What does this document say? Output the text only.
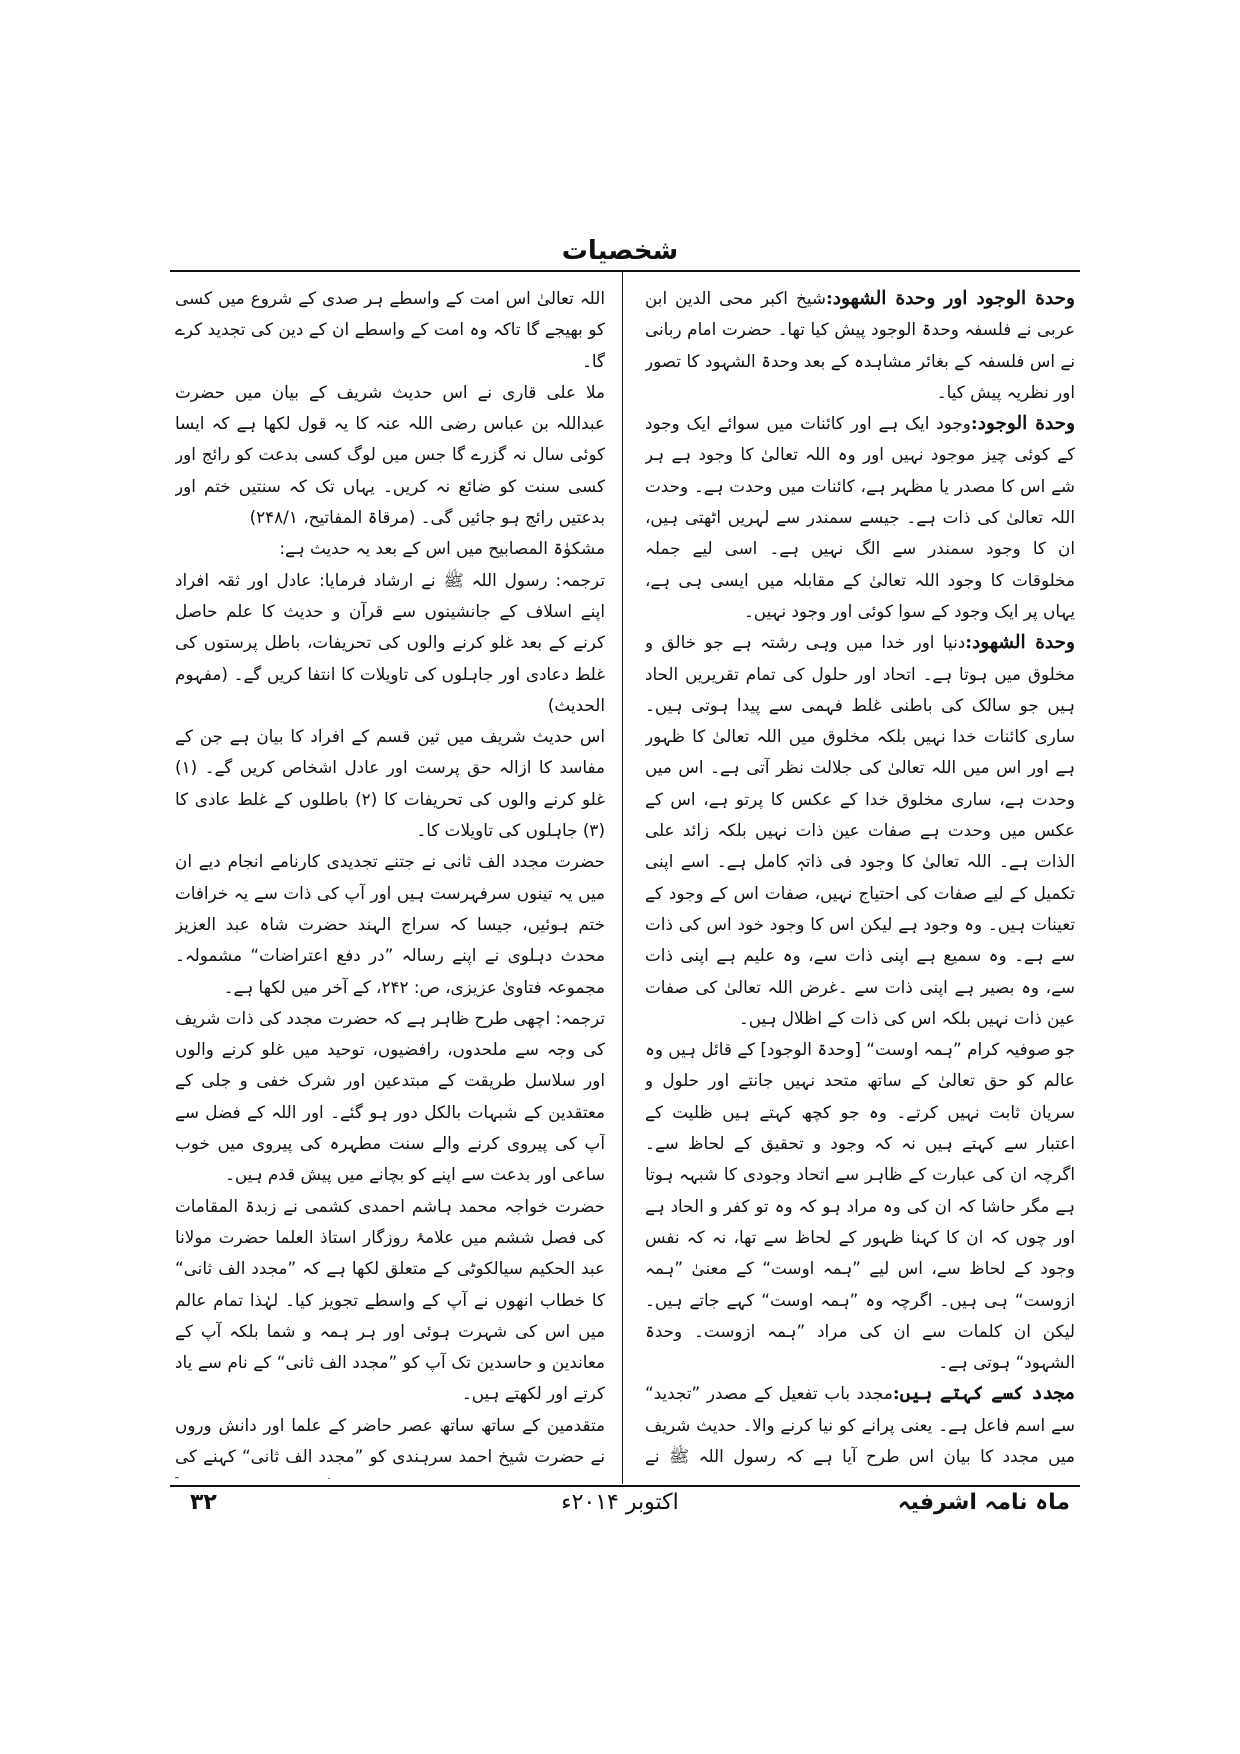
شخصیات

وحدة الوجود اور وحدة الشهود:شیخ اکبر محی الدین ابن عربی نے فلسفہ وحدۃ الوجود پیش کیا تھا۔ حضرت امام ربانی نے اس فلسفہ کے بغائر مشاہدہ کے بعد وحدۃ الشہود کا تصور اور نظریہ پیش کیا۔

وحدة الوجود:وجود ایک ہے اور کائنات میں سوائے ایک وجود کے کوئی چیز موجود نہیں اور وہ اللہ تعالیٰ کا وجود ہے ہر شے اس کا مصدر یا مظہر ہے، کائنات میں وحدت ہے۔ وحدت اللہ تعالیٰ کی ذات ہے۔ جیسے سمندر سے لہریں اٹھتی ہیں، ان کا وجود سمندر سے الگ نہیں ہے۔ اسی لیے جملہ مخلوقات کا وجود اللہ تعالیٰ کے مقابلہ میں ایسی ہی ہے، یہاں پر ایک وجود کے سوا کوئی اور وجود نہیں۔

وحدة الشهود:دنیا اور خدا میں وہی رشتہ ہے جو خالق و مخلوق میں ہوتا ہے۔ اتحاد اور حلول کی تمام تقریریں الحاد ہیں جو سالک کی باطنی غلط فہمی سے پیدا ہوتی ہیں۔ ساری کائنات خدا نہیں بلکہ مخلوق میں اللہ تعالیٰ کا ظہور ہے اور اس میں اللہ تعالیٰ کی جلالت نظر آتی ہے۔ اس میں وحدت ہے، ساری مخلوق خدا کے عکس کا پرتو ہے، اس کے عکس میں وحدت ہے صفات عین ذات نہیں بلکہ زائد علی الذات ہے۔ اللہ تعالیٰ کا وجود فی ذاتہٖ کامل ہے۔ اسے اپنی تکمیل کے لیے صفات کی احتیاج نہیں، صفات اس کے وجود کے تعینات ہیں۔ وہ وجود ہے لیکن اس کا وجود خود اس کی ذات سے ہے۔ وہ سمیع ہے اپنی ذات سے، وہ علیم ہے اپنی ذات سے، وہ بصیر ہے اپنی ذات سے ۔غرض اللہ تعالیٰ کی صفات عین ذات نہیں بلکہ اس کی ذات کے اظلال ہیں۔

جو صوفیہ کرام ”ہمہ اوست“ [وحدۃ الوجود] کے قائل ہیں وہ عالم کو حق تعالیٰ کے ساتھ متحد نہیں جانتے اور حلول و سریان ثابت نہیں کرتے۔ وہ جو کچھ کہتے ہیں ظلیت کے اعتبار سے کہتے ہیں نہ کہ وجود و تحقیق کے لحاظ سے۔ اگرچہ ان کی عبارت کے ظاہر سے اتحاد وجودی کا شبہہ ہوتا ہے مگر حاشا کہ ان کی وہ مراد ہو کہ وہ تو کفر و الحاد ہے اور چوں کہ ان کا کہنا ظہور کے لحاظ سے تھا، نہ کہ نفس وجود کے لحاظ سے، اس لیے ”ہمہ اوست“ کے معنیٰ ”ہمہ ازوست“ ہی ہیں۔ اگرچہ وہ ”ہمہ اوست“ کہے جاتے ہیں۔ لیکن ان کلمات سے ان کی مراد ”ہمہ ازوست۔ وحدۃ الشہود“ ہوتی ہے۔

مجدد کسے کہتے ہیں:مجدد باب تفعیل کے مصدر ”تجدید“ سے اسم فاعل ہے۔ یعنی پرانے کو نیا کرنے والا۔ حدیث شریف میں مجدد کا بیان اس طرح آیا ہے کہ رسول اللہ ﷺ نے

اللہ تعالیٰ اس امت کے واسطے ہر صدی کے شروع میں کسی کو بھیجے گا تاکہ وہ امت کے واسطے ان کے دین کی تجدید کرے گا۔

ملا علی قاری نے اس حدیث شریف کے بیان میں حضرت عبداللہ بن عباس رضی اللہ عنہ کا یہ قول لکھا ہے کہ ایسا کوئی سال نہ گزرے گا جس میں لوگ کسی بدعت کو رائج اور کسی سنت کو ضائع نہ کریں۔ یہاں تک کہ سنتیں ختم اور بدعتیں رائج ہو جائیں گی۔ (مرقاۃ المفاتیح، ۲۴۸/۱)

مشکوٰۃ المصابیح میں اس کے بعد یہ حدیث ہے:

ترجمہ: رسول اللہ ﷺ نے ارشاد فرمایا: عادل اور ثقہ افراد اپنے اسلاف کے جانشینوں سے قرآن و حدیث کا علم حاصل کرنے کے بعد غلو کرنے والوں کی تحریفات، باطل پرستوں کی غلط دعادی اور جاہلوں کی تاویلات کا انتفا کریں گے۔ (مفہوم الحدیث)

اس حدیث شریف میں تین قسم کے افراد کا بیان ہے جن کے مفاسد کا ازالہ حق پرست اور عادل اشخاص کریں گے۔ (۱) غلو کرنے والوں کی تحریفات کا (۲) باطلوں کے غلط عادی کا (۳) جاہلوں کی تاویلات کا۔

حضرت مجدد الف ثانی نے جتنے تجدیدی کارنامے انجام دیے ان میں یہ تینوں سرفہرست ہیں اور آپ کی ذات سے یہ خرافات ختم ہوئیں، جیسا کہ سراج الہند حضرت شاہ عبد العزیز محدث دہلوی نے اپنے رسالہ ”در دفع اعتراضات“ مشمولہ۔ مجموعہ فتاویٰ عزیزی، ص: ۲۴۲، کے آخر میں لکھا ہے۔

ترجمہ: اچھی طرح ظاہر ہے کہ حضرت مجدد کی ذات شریف کی وجہ سے ملحدوں، رافضیوں، توحید میں غلو کرنے والوں اور سلاسل طریقت کے مبتدعین اور شرک خفی و جلی کے معتقدین کے شبہات بالکل دور ہو گئے۔ اور اللہ کے فضل سے آپ کی پیروی کرنے والے سنت مطہرہ کی پیروی میں خوب ساعی اور بدعت سے اپنے کو بچانے میں پیش قدم ہیں۔

حضرت خواجہ محمد ہاشم احمدی کشمی نے زبدۃ المقامات کی فصل ششم میں علامۂ روزگار استاذ العلما حضرت مولانا عبد الحکیم سیالکوٹی کے متعلق لکھا ہے کہ ”مجدد الف ثانی“ کا خطاب انھوں نے آپ کے واسطے تجویز کیا۔ لہٰذا تمام عالم میں اس کی شہرت ہوئی اور ہر ہمہ و شما بلکہ آپ کے معاندین و حاسدین تک آپ کو ”مجدد الف ثانی“ کے نام سے یاد کرتے اور لکھتے ہیں۔

متقدمین کے ساتھ ساتھ عصر حاضر کے علما اور دانش وروں نے حضرت شیخ احمد سرہندی کو ”مجدد الف ثانی“ کہنے کی

ماہ نامہ اشرفیہ
اکتوبر ۲۰۱۴ء
۳۲
